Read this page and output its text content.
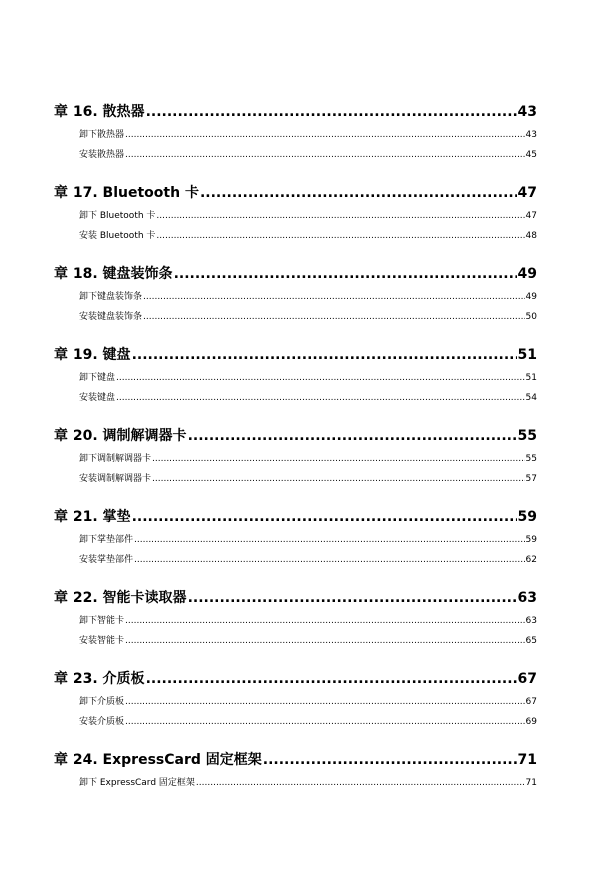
章 16. 散热器 .....	43
卸下散热器 .....	43
安装散热器 .....	45
章 17. Bluetooth 卡 .....	47
卸下 Bluetooth 卡 .....	47
安装 Bluetooth 卡 .....	48
章 18. 键盘装饰条 .....	49
卸下键盘装饰条 .....	49
安装键盘装饰条 .....	50
章 19. 键盘 .....	51
卸下键盘 .....	51
安装键盘 .....	54
章 20. 调制解调器卡 .....	55
卸下调制解调器卡 .....	55
安装调制解调器卡 .....	57
章 21. 掌垫 .....	59
卸下掌垫部件 .....	59
安装掌垫部件 .....	62
章 22. 智能卡读取器 .....	63
卸下智能卡 .....	63
安装智能卡 .....	65
章 23. 介质板 .....	67
卸下介质板 .....	67
安装介质板 .....	69
章 24. ExpressCard 固定框架 .....	71
卸下 ExpressCard 固定框架 .....	71
